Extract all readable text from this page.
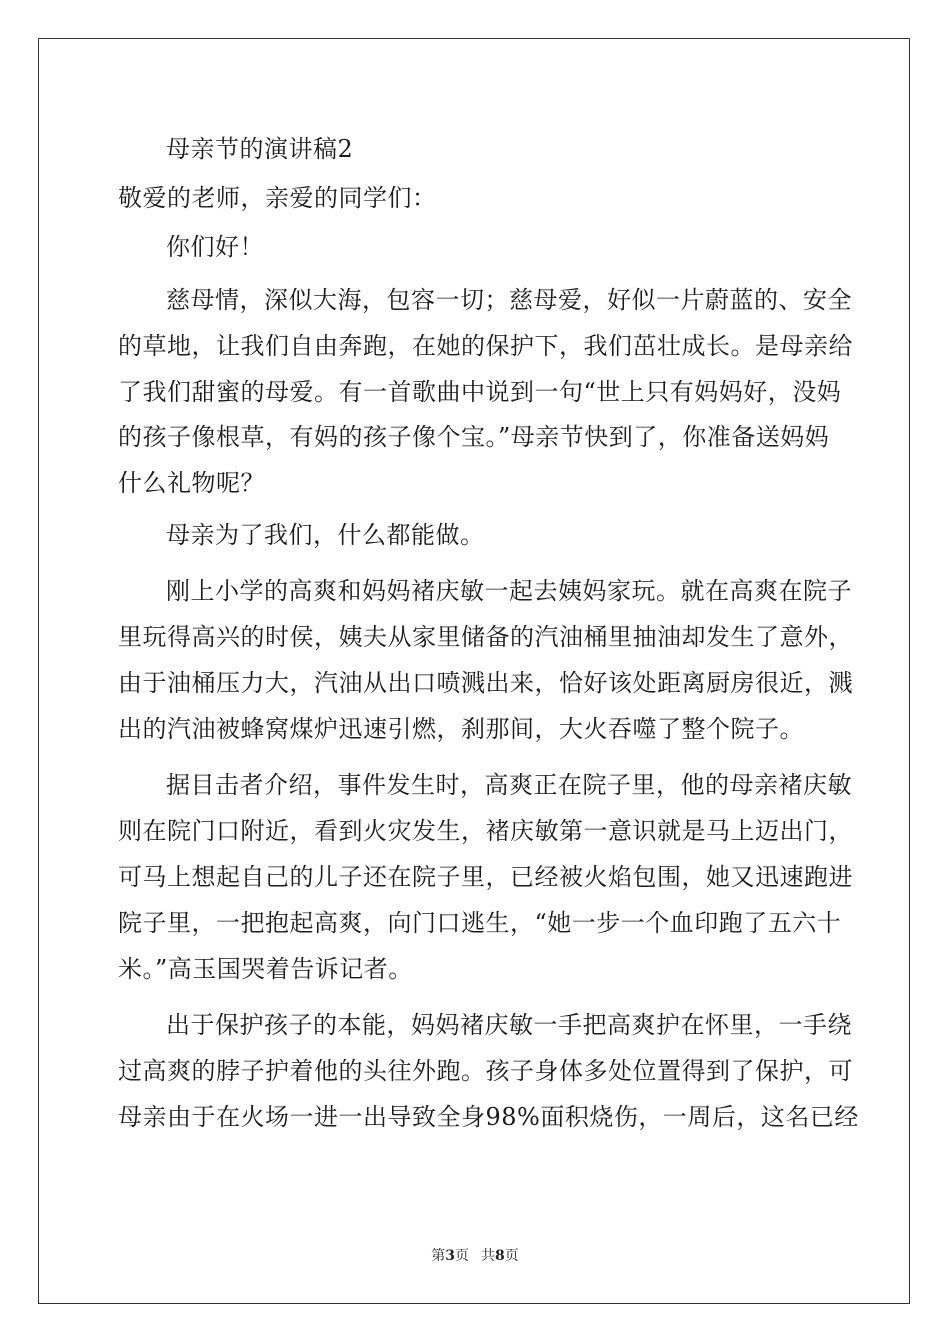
母亲节的演讲稿2
敬爱的老师，亲爱的同学们：
你们好！
慈母情，深似大海，包容一切；慈母爱，好似一片蔚蓝的、安全
的草地，让我们自由奔跑，在她的保护下，我们茁壮成长。是母亲给
了我们甜蜜的母爱。有一首歌曲中说到一句“世上只有妈妈好，没妈
的孩子像根草，有妈的孩子像个宝。”母亲节快到了，你准备送妈妈
什么礼物呢？
母亲为了我们，什么都能做。
刚上小学的高爽和妈妈褚庆敏一起去姨妈家玩。就在高爽在院子
里玩得高兴的时侯，姨夫从家里储备的汽油桶里抽油却发生了意外，
由于油桶压力大，汽油从出口喷溅出来，恰好该处距离厨房很近，溅
出的汽油被蜂窝煤炉迅速引燃，刹那间，大火吞噬了整个院子。
据目击者介绍，事件发生时，高爽正在院子里，他的母亲褚庆敏
则在院门口附近，看到火灾发生，褚庆敏第一意识就是马上迈出门，
可马上想起自己的儿子还在院子里，已经被火焰包围，她又迅速跑进
院子里，一把抱起高爽，向门口逃生，“她一步一个血印跑了五六十
米。”高玉国哭着告诉记者。
出于保护孩子的本能，妈妈褚庆敏一手把高爽护在怀里，一手绕
过高爽的脖子护着他的头往外跑。孩子身体多处位置得到了保护，可
母亲由于在火场一进一出导致全身98%面积烧伤，一周后，这名已经
第3页 共8页
